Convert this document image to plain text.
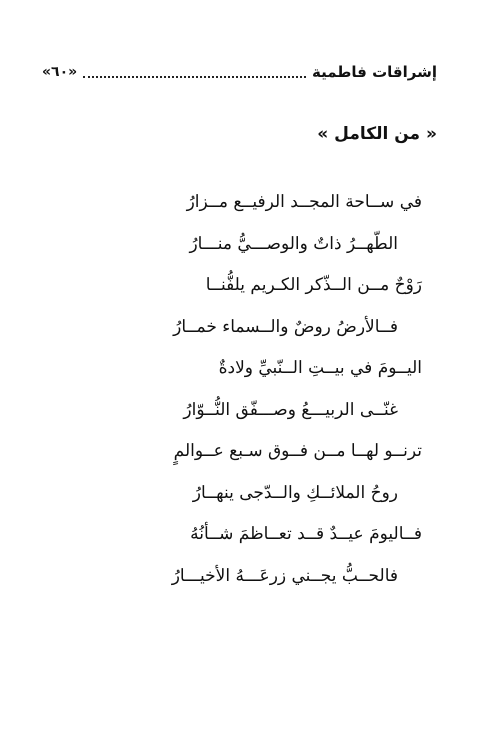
إشراقات فاطمية
«٦٠»
« من الكامل »
في ســاحة المجــد الرفيــع مــزارُ
الطّهــرُ ذاتٌ والوصـــيُّ منـــارُ
رَوْحٌ مــن الــذّكر الكـريم يلفُّنــا
فــالأرضُ روضٌ والــسماء خمــارُ
اليــومَ في بيــتِ الــنّبيِّ ولادةٌ
غنّــى الربيـــعُ وصـــفّق النُّــوّارُ
ترنــو لهــا مــن فــوق سـبع عــوالمٍ
روحُ الملائــكِ والــدّجى ينهــارُ
فــاليومَ عيــدٌ قــد تعــاظمَ شــأنُهُ
فالحــبُّ يجــني زرعَـــهُ الأخيـــارُ
